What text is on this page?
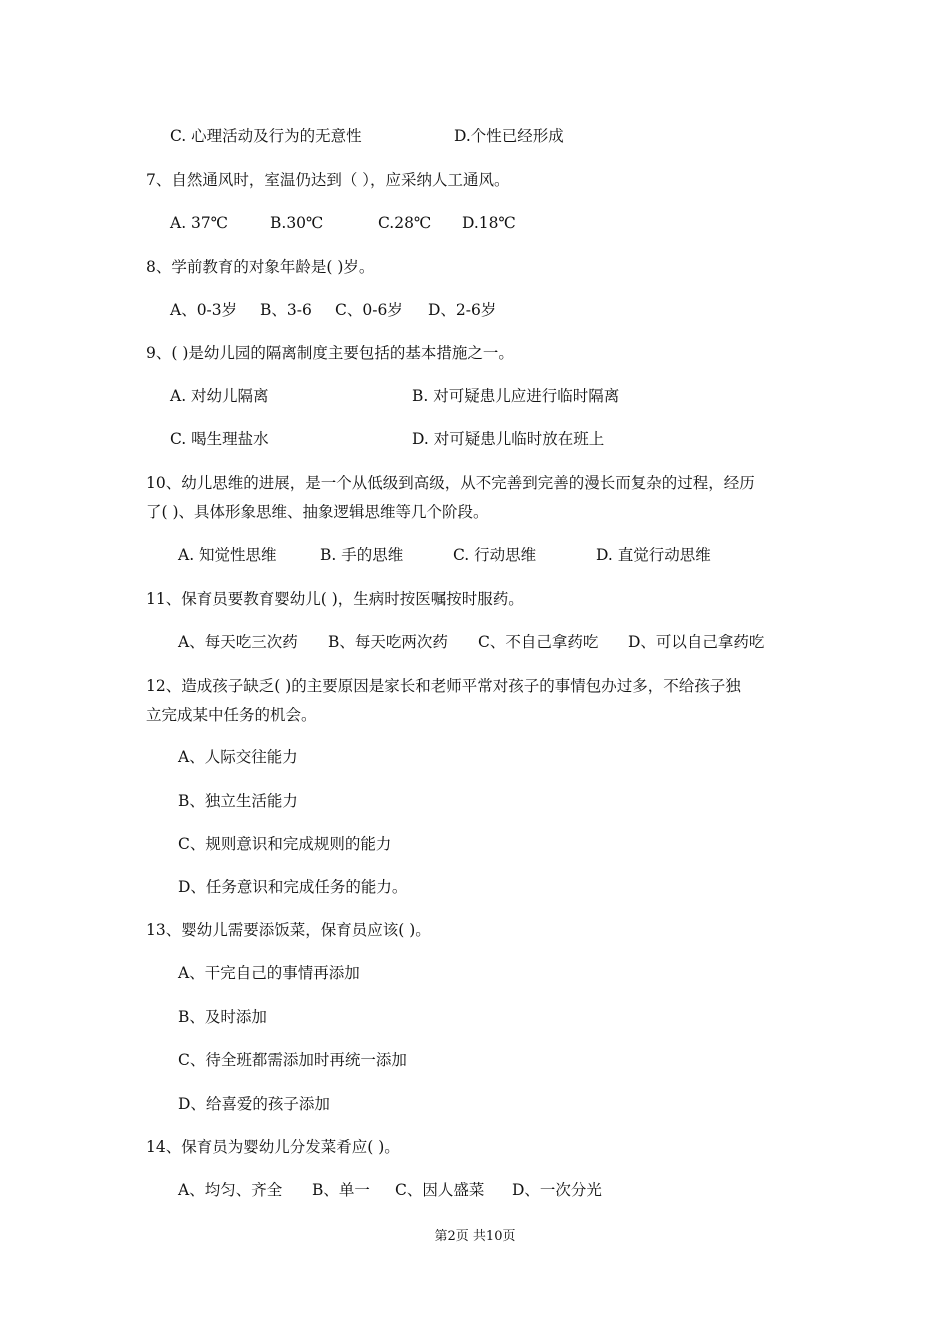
C. 心理活动及行为的无意性	D.个性已经形成
7、自然通风时，室温仍达到（ ），应采纳人工通风。
A. 37℃	B.30℃	C.28℃ D.18℃
8、学前教育的对象年龄是( )岁。
A、0-3岁 B、3-6 C、0-6岁 D、2-6岁
9、( )是幼儿园的隔离制度主要包括的基本措施之一。
A. 对幼儿隔离	B. 对可疑患儿应进行临时隔离
C. 喝生理盐水	D. 对可疑患儿临时放在班上
10、幼儿思维的进展，是一个从低级到高级，从不完善到完善的漫长而复杂的过程，经历
了( )、具体形象思维、抽象逻辑思维等几个阶段。
A. 知觉性思维	B. 手的思维	C. 行动思维	D. 直觉行动思维
11、保育员要教育婴幼儿( )，生病时按医嘱按时服药。
A、每天吃三次药 B、每天吃两次药 C、不自己拿药吃 D、可以自己拿药吃
12、造成孩子缺乏( )的主要原因是家长和老师平常对孩子的事情包办过多，不给孩子独
立完成某中任务的机会。
A、人际交往能力
B、独立生活能力
C、规则意识和完成规则的能力
D、任务意识和完成任务的能力。
13、婴幼儿需要添饭菜，保育员应该( )。
A、干完自己的事情再添加
B、及时添加
C、待全班都需添加时再统一添加
D、给喜爱的孩子添加
14、保育员为婴幼儿分发菜肴应( )。
A、均匀、齐全 B、单一 C、因人盛菜 D、一次分光
第2页 共10页
